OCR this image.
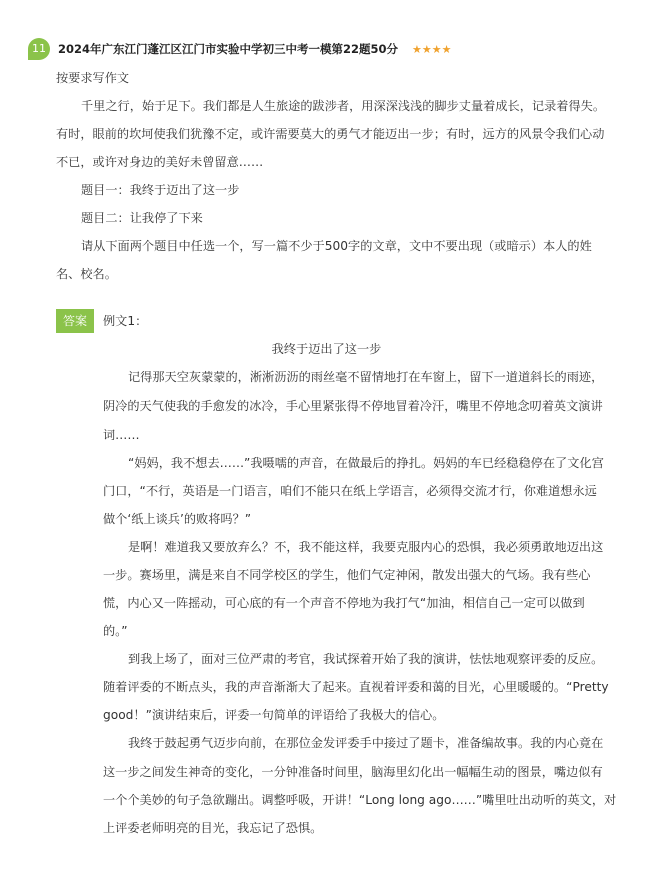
11	2024年广东江门蓬江区江门市实验中学初三中考一模第22题50分 ★★★★
按要求写作文
千里之行，始于足下。我们都是人生旅途的跋涉者，用深深浅浅的脚步丈量着成长，记录着得失。
有时，眼前的坎坷使我们犹豫不定，或许需要莫大的勇气才能迈出一步；有时，远方的风景令我们心动
不已，或许对身边的美好未曾留意……
题目一：我终于迈出了这一步
题目二：让我停了下来
请从下面两个题目中任选一个，写一篇不少于500字的文章，文中不要出现（或暗示）本人的姓
名、校名。
答案	例文1：
我终于迈出了这一步
记得那天空灰蒙蒙的，淅淅沥沥的雨丝毫不留情地打在车窗上，留下一道道斜长的雨迹，
阴冷的天气使我的手愈发的冰冷，手心里紧张得不停地冒着冷汗，嘴里不停地念叨着英文演讲
词……
“妈妈，我不想去……”我嗫嚅的声音，在做最后的挣扎。妈妈的车已经稳稳停在了文化宫
门口，“不行，英语是一门语言，咱们不能只在纸上学语言，必须得交流才行，你难道想永远
做个‘纸上谈兵’的败将吗？”
是啊！难道我又要放弃么？不，我不能这样，我要克服内心的恐惧，我必须勇敢地迈出这
一步。赛场里，满是来自不同学校区的学生，他们气定神闲，散发出强大的气场。我有些心
慌，内心又一阵摇动，可心底的有一个声音不停地为我打气“加油，相信自己一定可以做到
的。”
到我上场了，面对三位严肃的考官，我试探着开始了我的演讲，怯怯地观察评委的反应。
随着评委的不断点头，我的声音渐渐大了起来。直视着评委和蔼的目光，心里暖暖的。“Pretty
good！”演讲结束后，评委一句简单的评语给了我极大的信心。
我终于鼓起勇气迈步向前，在那位金发评委手中接过了题卡，准备编故事。我的内心竟在
这一步之间发生神奇的变化，一分钟准备时间里，脑海里幻化出一幅幅生动的图景，嘴边似有
一个个美妙的句子急欲蹦出。调整呼吸，开讲！“Long long ago……”嘴里吐出动听的英文，对
上评委老师明亮的目光，我忘记了恐惧。
